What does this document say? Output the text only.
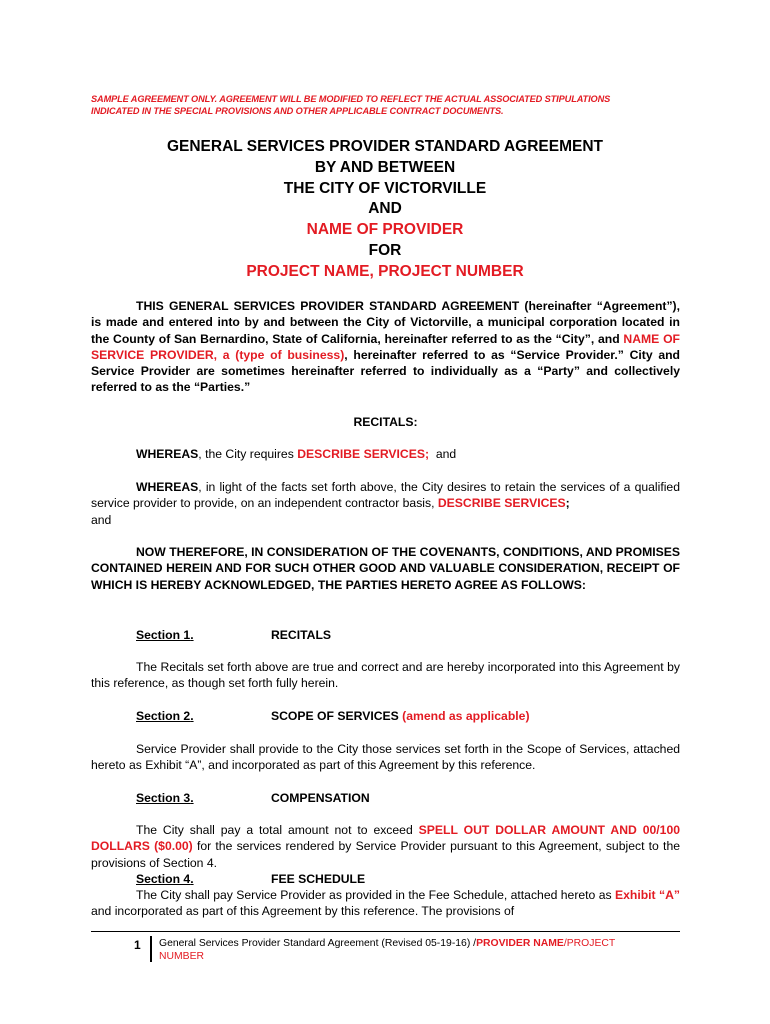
SAMPLE AGREEMENT ONLY. AGREEMENT WILL BE MODIFIED TO REFLECT THE ACTUAL ASSOCIATED STIPULATIONS
INDICATED IN THE SPECIAL PROVISIONS AND OTHER APPLICABLE CONTRACT DOCUMENTS.
GENERAL SERVICES PROVIDER STANDARD AGREEMENT
BY AND BETWEEN
THE CITY OF VICTORVILLE
AND
NAME OF PROVIDER
FOR
PROJECT NAME, PROJECT NUMBER
THIS GENERAL SERVICES PROVIDER STANDARD AGREEMENT (hereinafter “Agreement”), is made and entered into by and between the City of Victorville, a municipal corporation located in the County of San Bernardino, State of California, hereinafter referred to as the “City”, and NAME OF SERVICE PROVIDER, a (type of business), hereinafter referred to as “Service Provider.” City and Service Provider are sometimes hereinafter referred to individually as a “Party” and collectively referred to as the “Parties.”
RECITALS:
WHEREAS, the City requires DESCRIBE SERVICES;  and
WHEREAS, in light of the facts set forth above, the City desires to retain the services of a qualified service provider to provide, on an independent contractor basis, DESCRIBE SERVICES;
and
NOW THEREFORE, IN CONSIDERATION OF THE COVENANTS, CONDITIONS, AND PROMISES CONTAINED HEREIN AND FOR SUCH OTHER GOOD AND VALUABLE CONSIDERATION, RECEIPT OF WHICH IS HEREBY ACKNOWLEDGED, THE PARTIES HERETO AGREE AS FOLLOWS:
Section 1.	RECITALS
The Recitals set forth above are true and correct and are hereby incorporated into this Agreement by this reference, as though set forth fully herein.
Section 2.	SCOPE OF SERVICES (amend as applicable)
Service Provider shall provide to the City those services set forth in the Scope of Services, attached hereto as Exhibit “A”, and incorporated as part of this Agreement by this reference.
Section 3.	COMPENSATION
The City shall pay a total amount not to exceed SPELL OUT DOLLAR AMOUNT AND 00/100 DOLLARS ($0.00) for the services rendered by Service Provider pursuant to this Agreement, subject to the provisions of Section 4.
Section 4.	FEE SCHEDULE
The City shall pay Service Provider as provided in the Fee Schedule, attached hereto as Exhibit “A” and incorporated as part of this Agreement by this reference. The provisions of
1 General Services Provider Standard Agreement (Revised 05-19-16) /PROVIDER NAME/PROJECT NUMBER
